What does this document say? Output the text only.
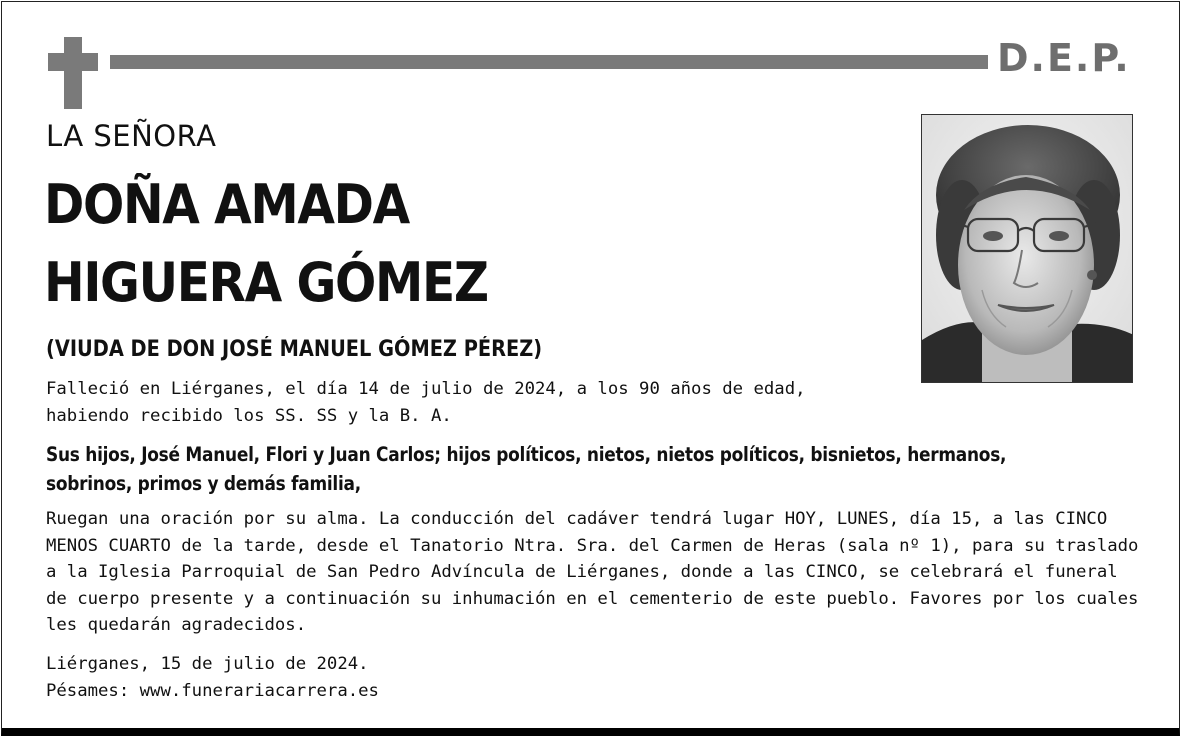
D.E.P.
LA SEÑORA
DOÑA AMADA
HIGUERA GÓMEZ
(VIUDA DE DON JOSÉ MANUEL GÓMEZ PÉREZ)
Falleció en Liérganes, el día 14 de julio de 2024, a los 90 años de edad,
habiendo recibido los SS. SS y la B. A.
Sus hijos, José Manuel, Flori y Juan Carlos; hijos políticos, nietos, nietos políticos, bisnietos, hermanos,
sobrinos, primos y demás familia,
Ruegan una oración por su alma. La conducción del cadáver tendrá lugar HOY, LUNES, día 15, a las CINCO
MENOS CUARTO de la tarde, desde el Tanatorio Ntra. Sra. del Carmen de Heras (sala nº 1), para su traslado
a la Iglesia Parroquial de San Pedro Advíncula de Liérganes, donde a las CINCO, se celebrará el funeral
de cuerpo presente y a continuación su inhumación en el cementerio de este pueblo. Favores por los cuales
les quedarán agradecidos.
Liérganes, 15 de julio de 2024.
Pésames: www.funerariacarrera.es
